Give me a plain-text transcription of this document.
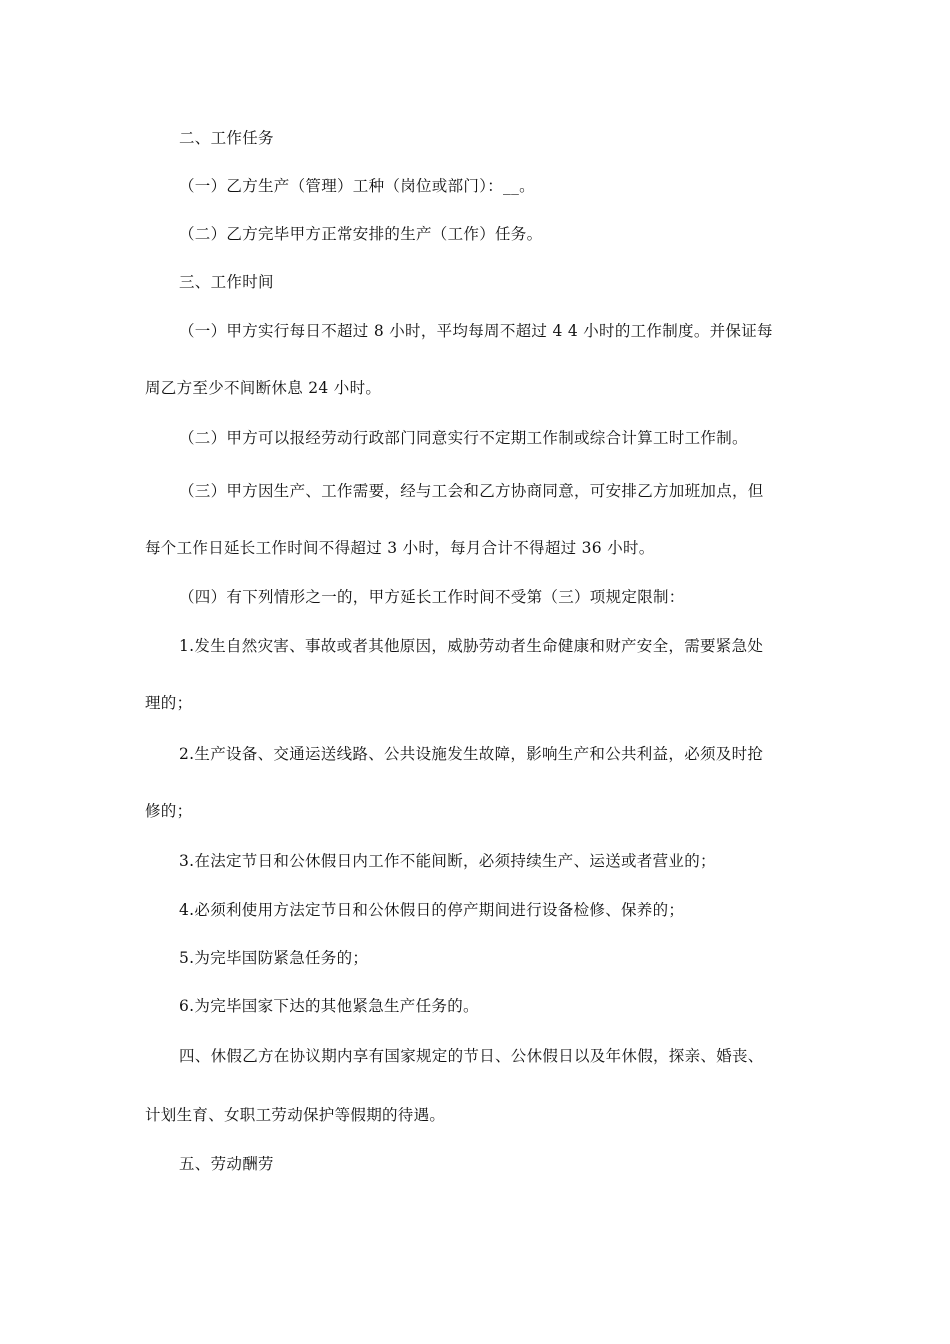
二、工作任务
（一）乙方生产（管理）工种（岗位或部门）：__。
（二）乙方完毕甲方正常安排的生产（工作）任务。
三、工作时间
（一）甲方实行每日不超过 8 小时，平均每周不超过 4 4 小时的工作制度。并保证每
周乙方至少不间断休息 24 小时。
（二）甲方可以报经劳动行政部门同意实行不定期工作制或综合计算工时工作制。
（三）甲方因生产、工作需要，经与工会和乙方协商同意，可安排乙方加班加点，但
每个工作日延长工作时间不得超过 3 小时，每月合计不得超过 36 小时。
（四）有下列情形之一的，甲方延长工作时间不受第（三）项规定限制：
1.发生自然灾害、事故或者其他原因，威胁劳动者生命健康和财产安全，需要紧急处
理的；
2.生产设备、交通运送线路、公共设施发生故障，影响生产和公共利益，必须及时抢
修的；
3.在法定节日和公休假日内工作不能间断，必须持续生产、运送或者营业的；
4.必须利使用方法定节日和公休假日的停产期间进行设备检修、保养的；
5.为完毕国防紧急任务的；
6.为完毕国家下达的其他紧急生产任务的。
四、休假乙方在协议期内享有国家规定的节日、公休假日以及年休假，探亲、婚丧、
计划生育、女职工劳动保护等假期的待遇。
五、劳动酬劳
